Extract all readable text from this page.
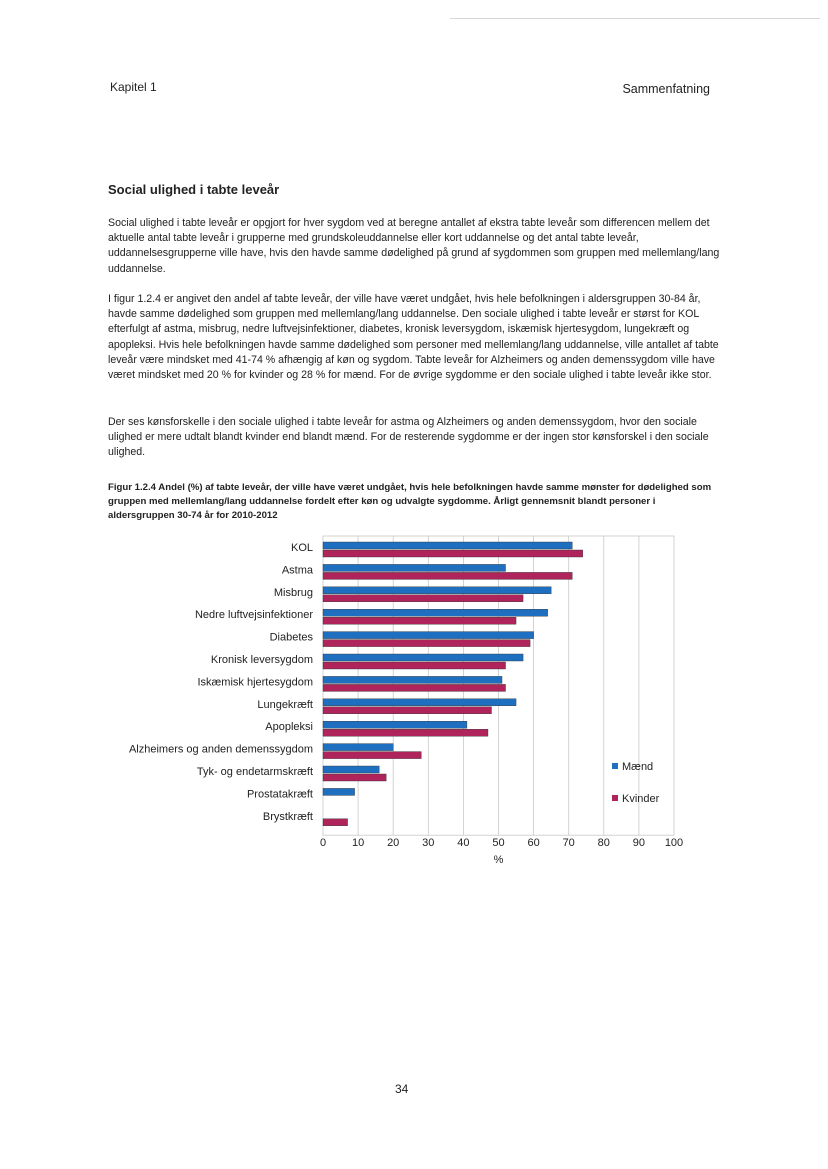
Kapitel 1	Sammenfatning
Social ulighed i tabte leveår

Social ulighed i tabte leveår er opgjort for hver sygdom ved at beregne antallet af ekstra tabte leveår som differencen mellem det aktuelle antal tabte leveår i grupperne med grundskoleuddannelse eller kort uddannelse og det antal tabte leveår, uddannelsesgrupperne ville have, hvis den havde samme dødelighed på grund af sygdommen som gruppen med mellemlang/lang uddannelse.

I figur 1.2.4 er angivet den andel af tabte leveår, der ville have været undgået, hvis hele befolkningen i aldersgruppen 30-84 år, havde samme dødelighed som gruppen med mellemlang/lang uddannelse. Den sociale ulighed i tabte leveår er størst for KOL efterfulgt af astma, misbrug, nedre luftvejsinfektioner, diabetes, kronisk leversygdom, iskæmisk hjertesygdom, lungekræft og apopleksi. Hvis hele befolkningen havde samme dødelighed som personer med mellemlang/lang uddannelse, ville antallet af tabte leveår være mindsket med 41-74 % afhængig af køn og sygdom. Tabte leveår for Alzheimers og anden demenssygdom ville have været mindsket med 20 % for kvinder og 28 % for mænd. For de øvrige sygdomme er den sociale ulighed i tabte leveår ikke stor.

Der ses kønsforskelle i den sociale ulighed i tabte leveår for astma og Alzheimers og anden demenssygdom, hvor den sociale ulighed er mere udtalt blandt kvinder end blandt mænd. For de resterende sygdomme er der ingen stor kønsforskel i den sociale ulighed.

Figur 1.2.4 Andel (%) af tabte leveår, der ville have været undgået, hvis hele befolkningen havde samme mønster for dødelighed som gruppen med mellemlang/lang uddannelse fordelt efter køn og udvalgte sygdomme. Årligt gennemsnit blandt personer i aldersgruppen 30-74 år for 2010-2012

0 10 20 30 40 50 60 70 80 90 100
%
KOL
Astma
Misbrug
Nedre luftvejsinfektioner
Diabetes
Kronisk leversygdom
Iskæmisk hjertesygdom
Lungekræft
Apopleksi
Alzheimers og anden demenssygdom
Tyk- og endetarmskræft
Prostatakræft
Brystkræft
Mænd
Kvinder
34
